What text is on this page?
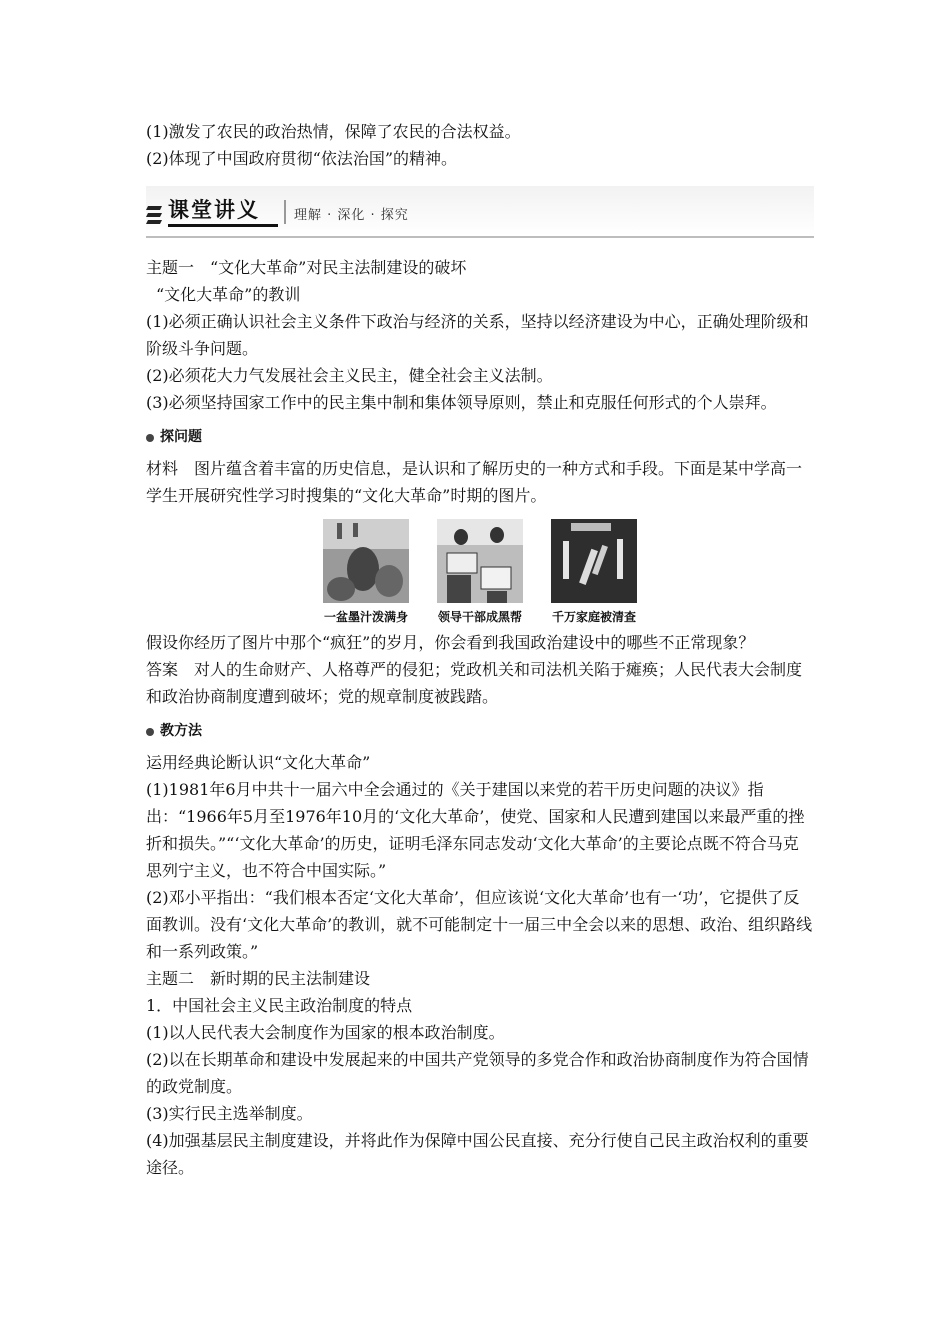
(1)激发了农民的政治热情，保障了农民的合法权益。

(2)体现了中国政府贯彻“依法治国”的精神。

课堂讲义	理解 · 深化 · 探究

主题一　“文化大革命”对民主法制建设的破坏

“文化大革命”的教训

(1)必须正确认识社会主义条件下政治与经济的关系，坚持以经济建设为中心，正确处理阶级和阶级斗争问题。

(2)必须花大力气发展社会主义民主，健全社会主义法制。

(3)必须坚持国家工作中的民主集中制和集体领导原则，禁止和克服任何形式的个人崇拜。

探问题

材料　图片蕴含着丰富的历史信息，是认识和了解历史的一种方式和手段。下面是某中学高一学生开展研究性学习时搜集的“文化大革命”时期的图片。

一盆墨汁泼满身 领导干部成黑帮 千万家庭被清查

假设你经历了图片中那个“疯狂”的岁月，你会看到我国政治建设中的哪些不正常现象？

答案　对人的生命财产、人格尊严的侵犯；党政机关和司法机关陷于瘫痪；人民代表大会制度和政治协商制度遭到破坏；党的规章制度被践踏。

教方法

运用经典论断认识“文化大革命”

(1)1981年6月中共十一届六中全会通过的《关于建国以来党的若干历史问题的决议》指出：“1966年5月至1976年10月的‘文化大革命’，使党、国家和人民遭到建国以来最严重的挫折和损失。”“‘文化大革命’的历史，证明毛泽东同志发动‘文化大革命’的主要论点既不符合马克思列宁主义，也不符合中国实际。”

(2)邓小平指出：“我们根本否定‘文化大革命’，但应该说‘文化大革命’也有一‘功’，它提供了反面教训。没有‘文化大革命’的教训，就不可能制定十一届三中全会以来的思想、政治、组织路线和一系列政策。”

主题二　新时期的民主法制建设

1．中国社会主义民主政治制度的特点

(1)以人民代表大会制度作为国家的根本政治制度。

(2)以在长期革命和建设中发展起来的中国共产党领导的多党合作和政治协商制度作为符合国情的政党制度。

(3)实行民主选举制度。

(4)加强基层民主制度建设，并将此作为保障中国公民直接、充分行使自己民主政治权利的重要途径。
